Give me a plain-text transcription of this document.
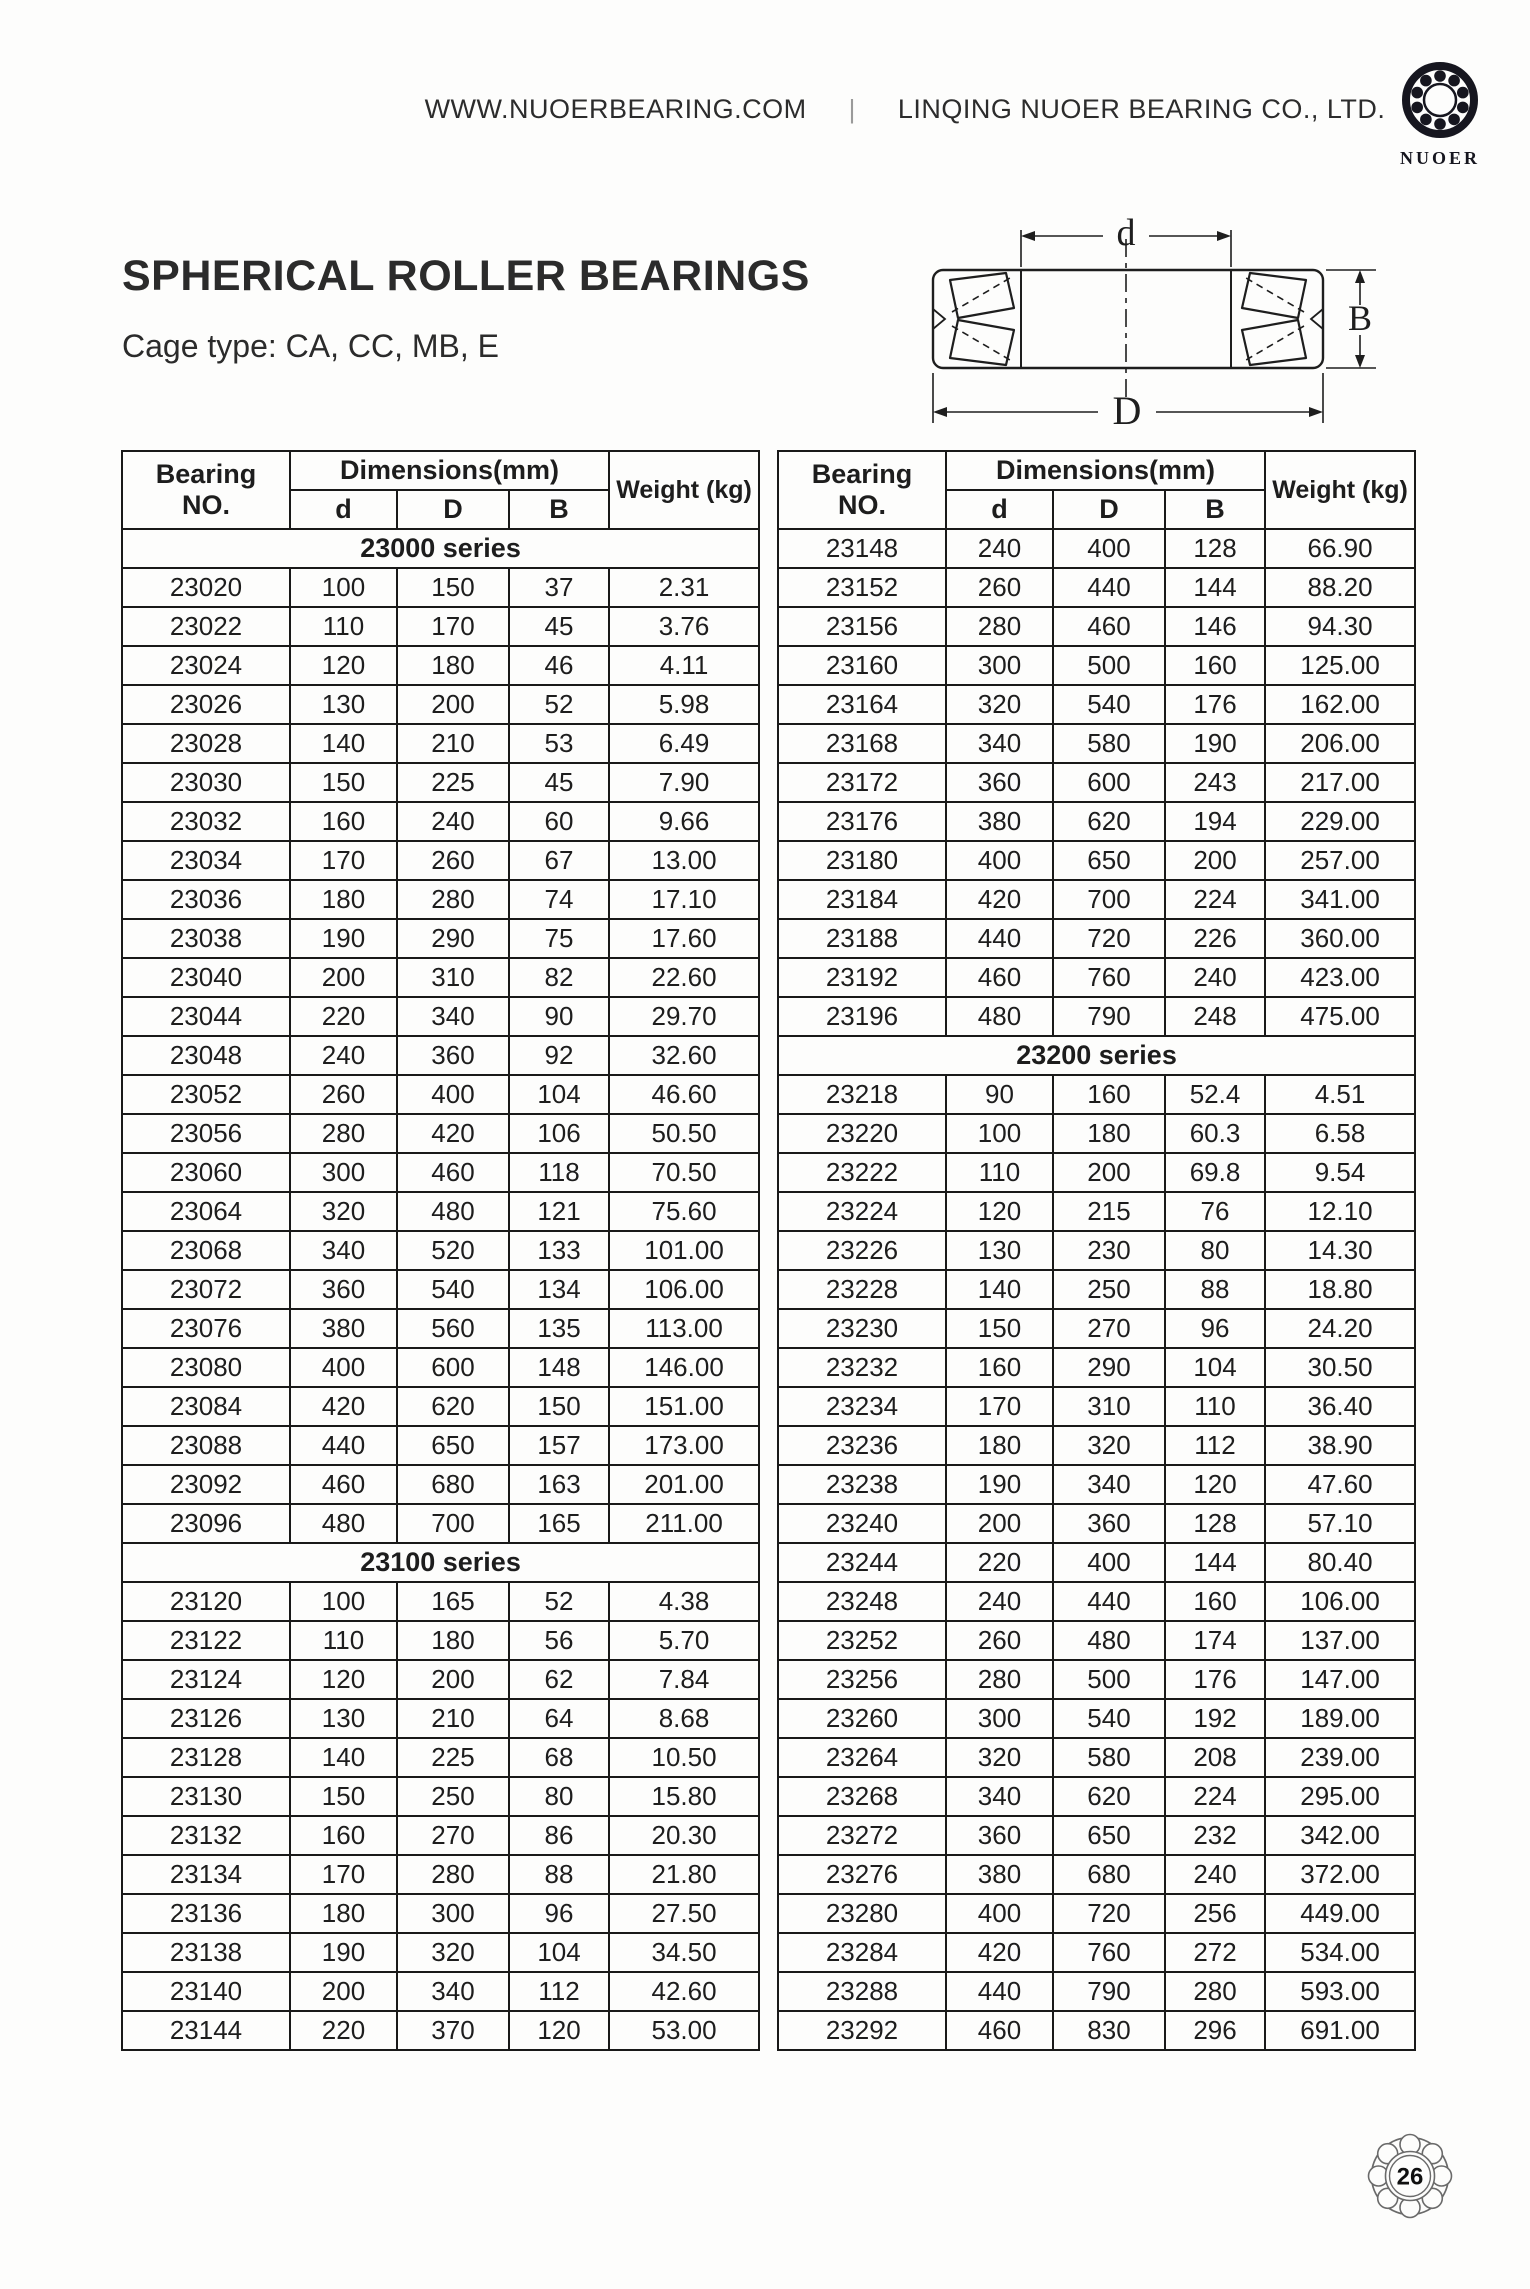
WWW.NUOERBEARING.COM | LINQING NUOER BEARING CO., LTD.
NUOER
SPHERICAL ROLLER BEARINGS
Cage type: CA, CC, MB, E
d
D
B
Bearing
NO.	Dimensions(mm)			Weight (kg)
	d	D	B	
23000 series				
23020	100	150	37	2.31
23022	110	170	45	3.76
23024	120	180	46	4.11
23026	130	200	52	5.98
23028	140	210	53	6.49
23030	150	225	45	7.90
23032	160	240	60	9.66
23034	170	260	67	13.00
23036	180	280	74	17.10
23038	190	290	75	17.60
23040	200	310	82	22.60
23044	220	340	90	29.70
23048	240	360	92	32.60
23052	260	400	104	46.60
23056	280	420	106	50.50
23060	300	460	118	70.50
23064	320	480	121	75.60
23068	340	520	133	101.00
23072	360	540	134	106.00
23076	380	560	135	113.00
23080	400	600	148	146.00
23084	420	620	150	151.00
23088	440	650	157	173.00
23092	460	680	163	201.00
23096	480	700	165	211.00
23100 series				
23120	100	165	52	4.38
23122	110	180	56	5.70
23124	120	200	62	7.84
23126	130	210	64	8.68
23128	140	225	68	10.50
23130	150	250	80	15.80
23132	160	270	86	20.30
23134	170	280	88	21.80
23136	180	300	96	27.50
23138	190	320	104	34.50
23140	200	340	112	42.60
23144	220	370	120	53.00
Bearing
NO.	Dimensions(mm)			Weight (kg)
	d	D	B	
23148	240	400	128	66.90
23152	260	440	144	88.20
23156	280	460	146	94.30
23160	300	500	160	125.00
23164	320	540	176	162.00
23168	340	580	190	206.00
23172	360	600	243	217.00
23176	380	620	194	229.00
23180	400	650	200	257.00
23184	420	700	224	341.00
23188	440	720	226	360.00
23192	460	760	240	423.00
23196	480	790	248	475.00
23200 series				
23218	90	160	52.4	4.51
23220	100	180	60.3	6.58
23222	110	200	69.8	9.54
23224	120	215	76	12.10
23226	130	230	80	14.30
23228	140	250	88	18.80
23230	150	270	96	24.20
23232	160	290	104	30.50
23234	170	310	110	36.40
23236	180	320	112	38.90
23238	190	340	120	47.60
23240	200	360	128	57.10
23244	220	400	144	80.40
23248	240	440	160	106.00
23252	260	480	174	137.00
23256	280	500	176	147.00
23260	300	540	192	189.00
23264	320	580	208	239.00
23268	340	620	224	295.00
23272	360	650	232	342.00
23276	380	680	240	372.00
23280	400	720	256	449.00
23284	420	760	272	534.00
23288	440	790	280	593.00
23292	460	830	296	691.00
26
